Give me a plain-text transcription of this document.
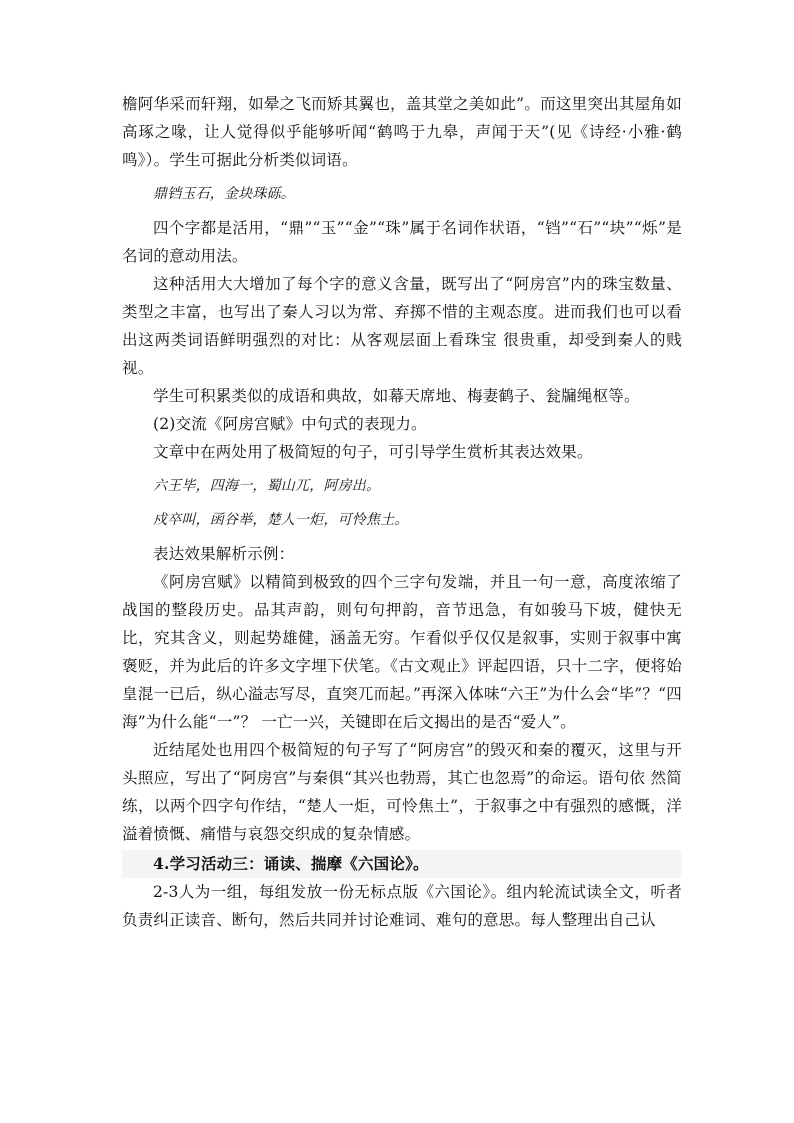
檐阿华采而轩翔，如晕之飞而矫其翼也，盖其堂之美如此”。而这里突出其屋角如高琢之喙，让人觉得似乎能够听闻“鹤鸣于九皋，声闻于天”(见《诗经·小雅·鹤鸣》）。学生可据此分析类似词语。

鼎铛玉石，金块珠砾。

四个字都是活用，“鼎”“玉”“金”“珠”属于名词作状语，“铛”“石”“块”“烁”是名词的意动用法。

这种活用大大增加了每个字的意义含量，既写出了“阿房宫”内的珠宝数量、类型之丰富，也写出了秦人习以为常、弃掷不惜的主观态度。进而我们也可以看出这两类词语鲜明强烈的对比：从客观层面上看珠宝 很贵重，却受到秦人的贱视。

学生可积累类似的成语和典故，如幕天席地、梅妻鹤子、瓮牖绳枢等。

(2)交流《阿房宫赋》中句式的表现力。

文章中在两处用了极简短的句子，可引导学生赏析其表达效果。

六王毕，四海一，蜀山兀，阿房出。

戍卒叫，函谷举，楚人一炬，可怜焦土。

表达效果解析示例：

《阿房宫赋》以精简到极致的四个三字句发端，并且一句一意，高度浓缩了战国的整段历史。品其声韵，则句句押韵，音节迅急，有如骏马下坡，健快无比，究其含义，则起势雄健，涵盖无穷。乍看似乎仅仅是叙事，实则于叙事中寓褒贬，并为此后的许多文字埋下伏笔。《古文观止》评起四语，只十二字，便将始皇混一已后，纵心溢志写尽，直突兀而起。”再深入体味“六王”为什么会“毕”？“四海”为什么能“一”？ 一亡一兴，关键即在后文揭出的是否“爱人”。

近结尾处也用四个极简短的句子写了“阿房宫”的毁灭和秦的覆灭，这里与开头照应，写出了“阿房宫”与秦俱“其兴也勃焉，其亡也忽焉”的命运。语句依 然简练，以两个四字句作结，“楚人一炬，可怜焦土”，于叙事之中有强烈的感慨，洋溢着愤慨、痛惜与哀怨交织成的复杂情感。

4.学习活动三：诵读、揣摩《六国论》。

2-3人为一组，每组发放一份无标点版《六国论》。组内轮流试读全文，听者负责纠正读音、断句，然后共同并讨论难词、难句的意思。每人整理出自己认
